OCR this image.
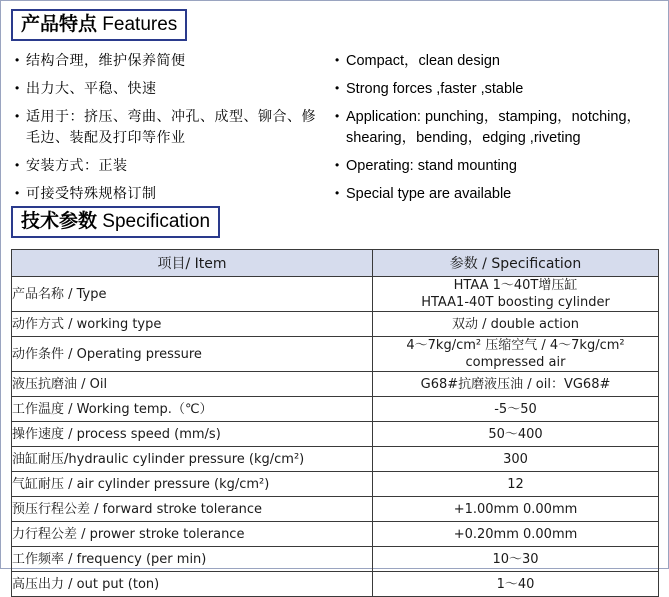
产品特点 Features
• 结构合理，维护保养简便
• 出力大、平稳、快速
• 适用于：挤压、弯曲、冲孔、成型、铆合、修毛边、装配及打印等作业
• 安装方式：正装
• 可接受特殊规格订制
• Compact，clean design
• Strong forces ,faster ,stable
• Application: punching，stamping，notching，shearing，bending，edging ,riveting
• Operating: stand mounting
• Special type are available
技术参数 Specification
项目/ Item	参数 / Specification
产品名称 / Type	HTAA 1～40T增压缸
HTAA1-40T boosting cylinder

动作方式 / working type	双动 / double action
动作条件 / Operating pressure	4～7kg/cm² 压缩空气 / 4～7kg/cm² compressed air
液压抗磨油 / Oil	G68#抗磨液压油 / oil：VG68#
工作温度 / Working temp.（℃）	-5～50
操作速度 / process speed (mm/s)	50～400
油缸耐压/hydraulic cylinder pressure (kg/cm²)	300
气缸耐压 / air cylinder pressure (kg/cm²)	12
预压行程公差 / forward stroke tolerance	+1.00mm 0.00mm
力行程公差 / prower stroke tolerance	+0.20mm 0.00mm
工作频率 / frequency (per min)	10～30
高压出力 / out put (ton)	1～40
